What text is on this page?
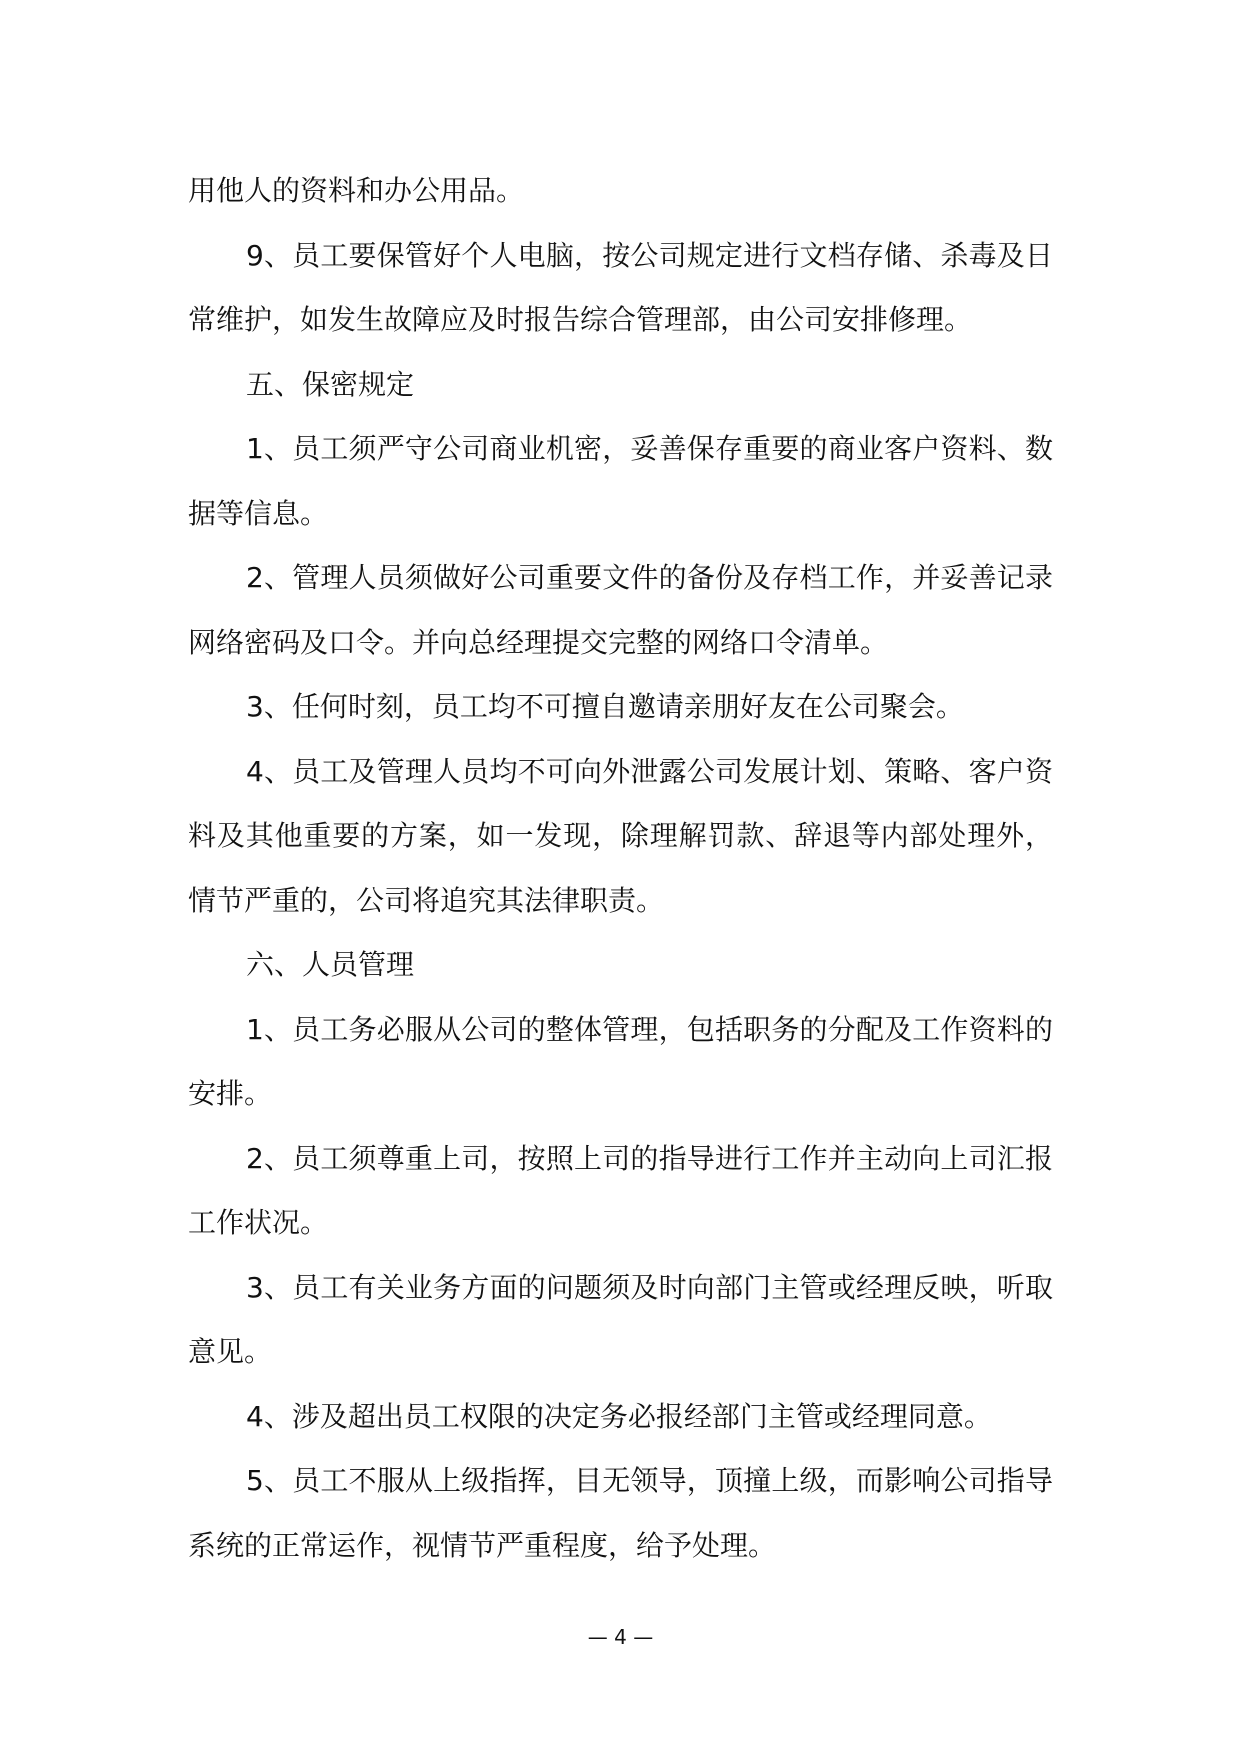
用他人的资料和办公用品。

9、员工要保管好个人电脑，按公司规定进行文档存储、杀毒及日常维护，如发生故障应及时报告综合管理部，由公司安排修理。

五、保密规定

1、员工须严守公司商业机密，妥善保存重要的商业客户资料、数据等信息。

2、管理人员须做好公司重要文件的备份及存档工作，并妥善记录网络密码及口令。并向总经理提交完整的网络口令清单。

3、任何时刻，员工均不可擅自邀请亲朋好友在公司聚会。

4、员工及管理人员均不可向外泄露公司发展计划、策略、客户资料及其他重要的方案，如一发现，除理解罚款、辞退等内部处理外，情节严重的，公司将追究其法律职责。

六、人员管理

1、员工务必服从公司的整体管理，包括职务的分配及工作资料的安排。

2、员工须尊重上司，按照上司的指导进行工作并主动向上司汇报工作状况。

3、员工有关业务方面的问题须及时向部门主管或经理反映，听取意见。

4、涉及超出员工权限的决定务必报经部门主管或经理同意。

5、员工不服从上级指挥，目无领导，顶撞上级，而影响公司指导系统的正常运作，视情节严重程度，给予处理。

— 4 —
